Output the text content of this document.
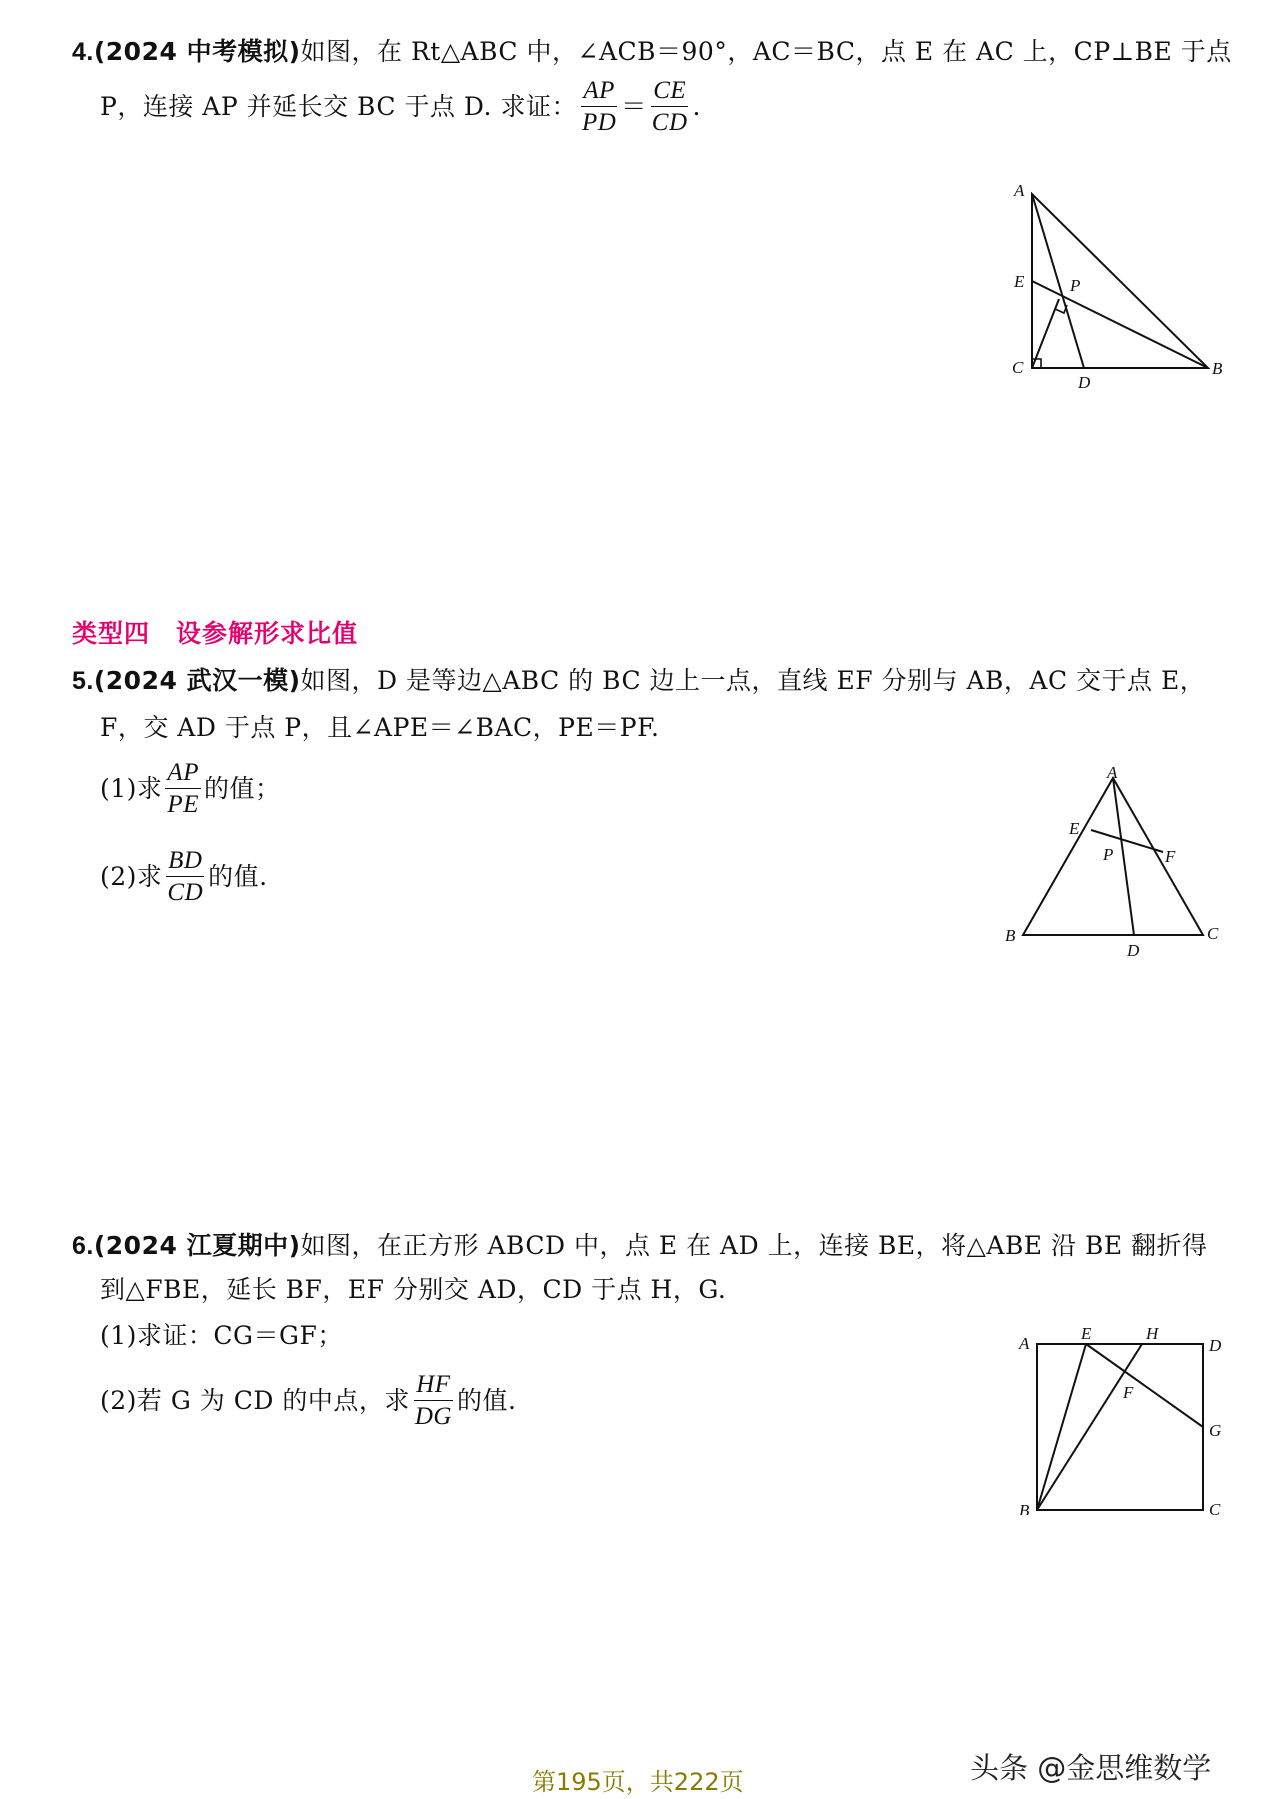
4.(2024 中考模拟)如图，在 Rt△ABC 中，∠ACB＝90°，AC＝BC，点 E 在 AC 上，CP⊥BE 于点
P，连接 AP 并延长交 BC 于点 D. 求证： $\frac{AP}{PD} = \frac{CE}{CD}$ .
A
E	P
C
D
B
类型四　设参解形求比值
5.(2024 武汉一模)如图，D 是等边△ABC 的 BC 边上一点，直线 EF 分别与 AB，AC 交于点 E，
F，交 AD 于点 P，且∠APE＝∠BAC，PE＝PF.
(1)求 $\frac{AP}{PE}$ 的值；
(2)求 $\frac{BD}{CD}$ 的值.
A
E
P	F
B	C
D
6.(2024 江夏期中)如图，在正方形 ABCD 中，点 E 在 AD 上，连接 BE，将△ABE 沿 BE 翻折得
到△FBE，延长 BF，EF 分别交 AD，CD 于点 H，G.
(1)求证：CG＝GF；
(2)若 G 为 CD 的中点，求 $\frac{HF}{DG}$ 的值.
A
E	H
D
F
G
B	C
头条 @金思维数学
第195页，共222页
